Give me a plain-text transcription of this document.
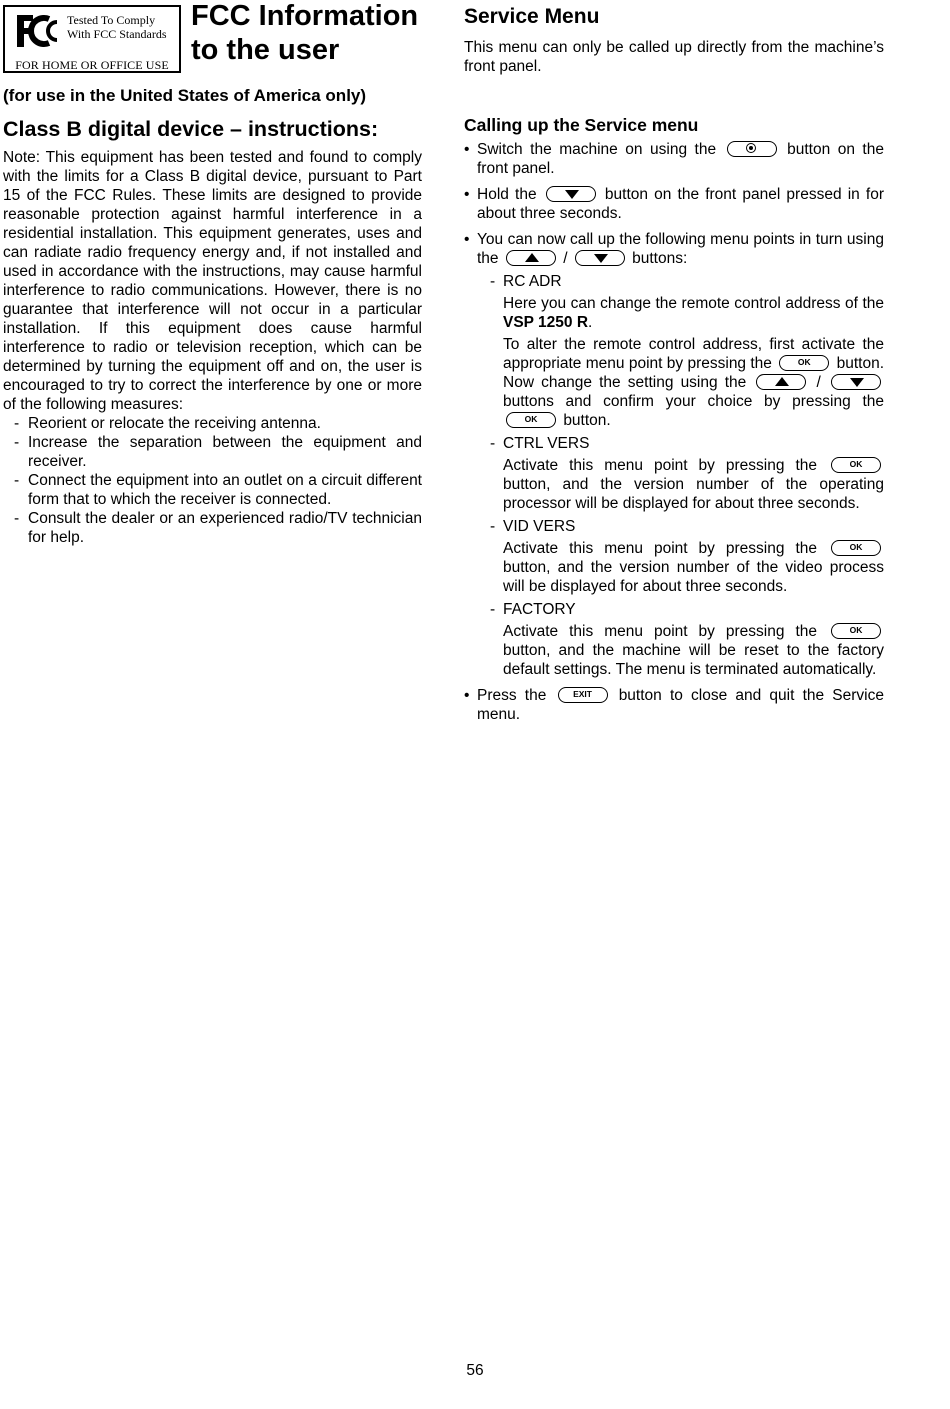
Tested To Comply
With FCC Standards
FOR HOME OR OFFICE USE
FCC Information
to the user
(for use in the United States of America only)
Class B digital device – instructions:

Note: This equipment has been tested and found to comply with the limits for a Class B digital device, pursuant to Part 15 of the FCC Rules. These limits are designed to provide reasonable protection against harmful interference in a residential installation. This equipment generates, uses and can radiate radio frequency energy and, if not installed and used in accordance with the instructions, may cause harmful interference to radio communications. However, there is no guarantee that interference will not occur in a particular installation. If this equipment does cause harmful interference to radio or television reception, which can be determined by turning the equipment off and on, the user is encouraged to try to correct the interference by one or more of the following measures:

- Reorient or relocate the receiving antenna.
- Increase the separation between the equipment and receiver.
- Connect the equipment into an outlet on a circuit different form that to which the receiver is connected.
- Consult the dealer or an experienced radio/TV technician for help.
Service Menu

This menu can only be called up directly from the machine’s front panel.

Calling up the Service menu
• Switch the machine on using the	button on the front panel.
• Hold the	button on the front panel pressed in for about three seconds.
• You can now call up the following menu points in turn using the	/	buttons:
- RC ADR

Here you can change the remote control address of the VSP 1250 R.

To alter the remote control address, first activate the appropriate menu point by pressing the OK	button. Now change the setting using the	/  buttons and confirm your choice by pressing the OK button.

- CTRL VERS

Activate this menu point by pressing the OK button, and the version number of the operating processor will be displayed for about three seconds.

- VID VERS

Activate this menu point by pressing the OK button, and the version number of the video process will be displayed for about three seconds.

- FACTORY

Activate this menu point by pressing the OK button, and the machine will be reset to the factory default settings. The menu is terminated automatically.

• Press the EXIT	button to close and quit the Service menu.
56
